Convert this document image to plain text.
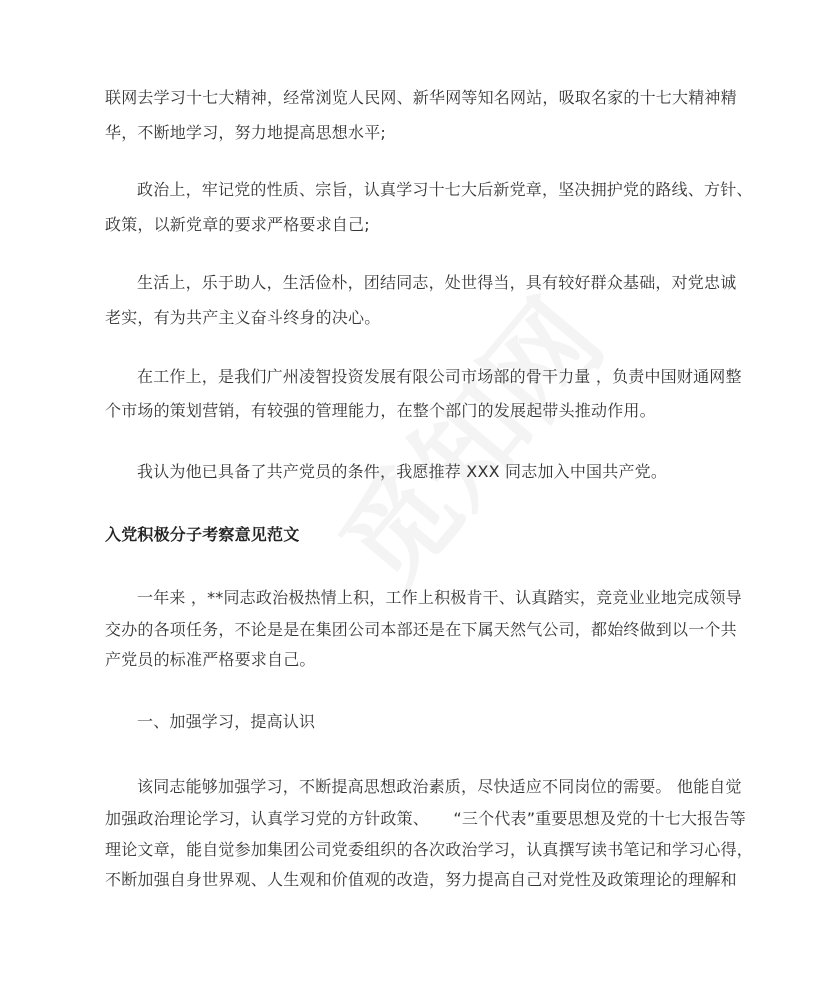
联网去学习十七大精神，经常浏览人民网、新华网等知名网站，吸取名家的十七大精神精
华，不断地学习，努力地提高思想水平;
政治上，牢记党的性质、宗旨，认真学习十七大后新党章，坚决拥护党的路线、方针、
政策，以新党章的要求严格要求自己;
生活上，乐于助人，生活俭朴，团结同志，处世得当，具有较好群众基础，对党忠诚
老实，有为共产主义奋斗终身的决心。
在工作上，是我们广州凌智投资发展有限公司市场部的骨干力量 ，负责中国财通网整
个市场的策划营销，有较强的管理能力，在整个部门的发展起带头推动作用。
我认为他已具备了共产党员的条件，我愿推荐 XXX 同志加入中国共产党。
入党积极分子考察意见范文
一年来 ，**同志政治极热情上积，工作上积极肯干、认真踏实，竞竞业业地完成领导
交办的各项任务，不论是是在集团公司本部还是在下属天然气公司，都始终做到以一个共
产党员的标准严格要求自己。
一、加强学习，提高认识
该同志能够加强学习，不断提高思想政治素质，尽快适应不同岗位的需要。 他能自觉
加强政治理论学习，认真学习党的方针政策、　　“三个代表”重要思想及党的十七大报告等
理论文章，能自觉参加集团公司党委组织的各次政治学习，认真撰写读书笔记和学习心得，
不断加强自身世界观、人生观和价值观的改造，努力提高自己对党性及政策理论的理解和
